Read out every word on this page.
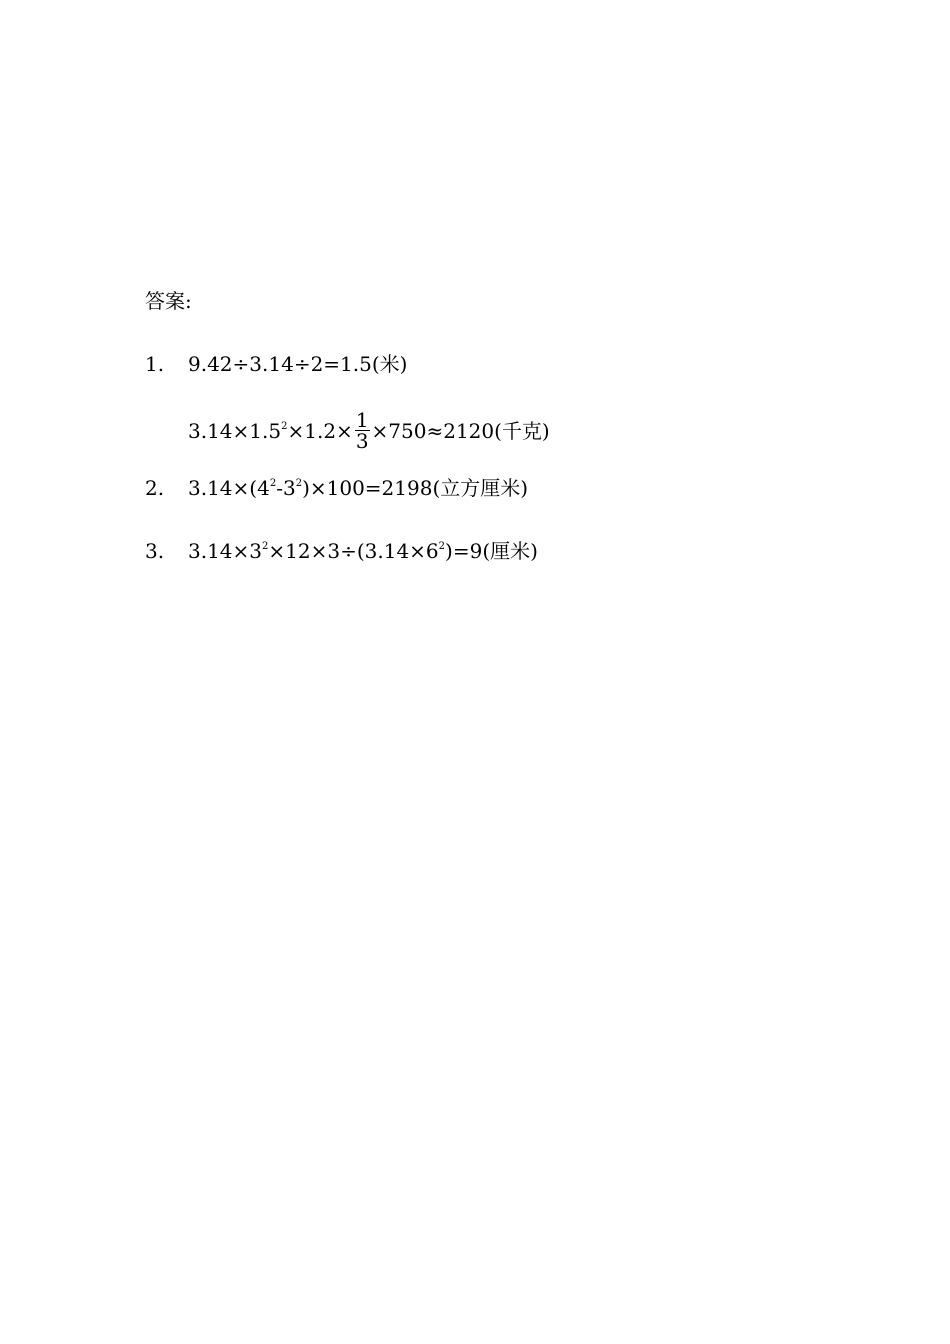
答案:
1. 9.42÷3.14÷2=1.5(米)
$3.14\times 1.5^2\times 1.2\times \frac{1}{3} \times 750\approx 2120$(千克)
2. $3.14\times(4^2-3^2)\times 100=2198$(立方厘米)
3. $3.14\times 3^2\times 12\times 3\div(3.14\times 6^2)=9$(厘米)
